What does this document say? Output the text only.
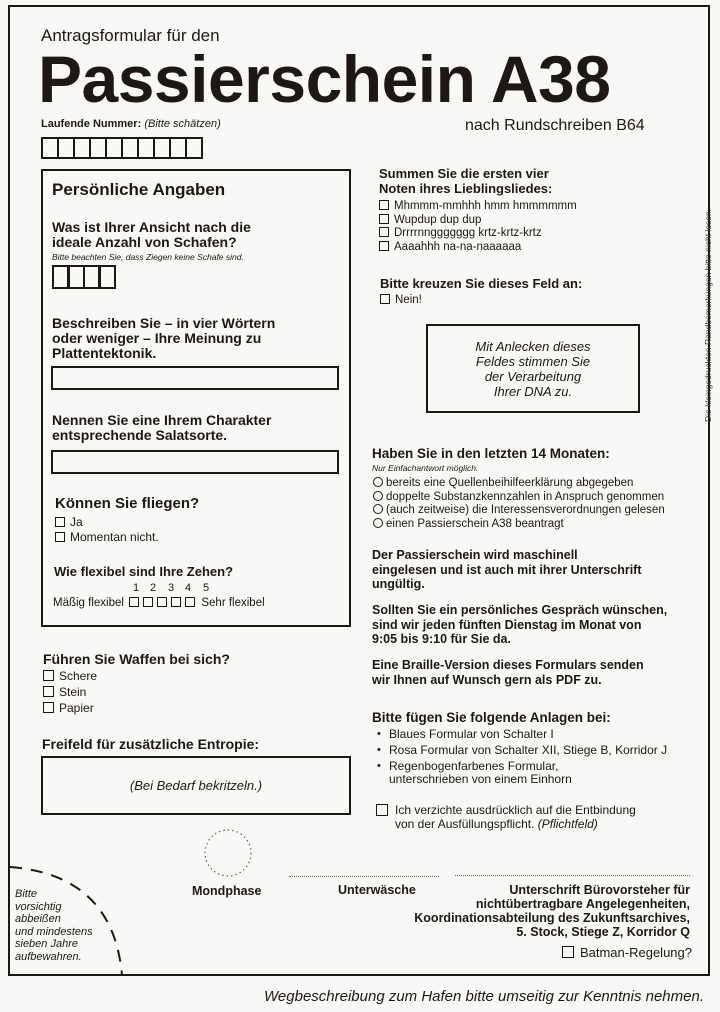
Antragsformular für den
Passierschein A38
nach Rundschreiben B64
Laufende Nummer: (Bitte schätzen)
Persönliche Angaben
Was ist Ihrer Ansicht nach die
ideale Anzahl von Schafen?
Bitte beachten Sie, dass Ziegen keine Schafe sind.
Beschreiben Sie – in vier Wörtern
oder weniger – Ihre Meinung zu
Plattentektonik.
Nennen Sie eine Ihrem Charakter
entsprechende Salatsorte.
Können Sie fliegen?
Ja
Momentan nicht.
Wie flexibel sind Ihre Zehen?
1 2 3 4 5
Mäßig flexibel	Sehr flexibel
Führen Sie Waffen bei sich?
Schere
Stein
Papier
Freifeld für zusätzliche Entropie:
(Bei Bedarf bekritzeln.)
Summen Sie die ersten vier
Noten ihres Lieblingsliedes:
Mhmmm-mmhhh hmm hmmmmmm
Wupdup dup dup
Drrrrnnggggggg krtz-krtz-krtz
Aaaahhh na-na-naaaaaa
Bitte kreuzen Sie dieses Feld an:
Nein!
Mit Anlecken dieses
Feldes stimmen Sie
der Verarbeitung
Ihrer DNA zu.
Haben Sie in den letzten 14 Monaten:
Nur Einfachantwort möglich.
bereits eine Quellenbeihilfeerklärung abgegeben
doppelte Substanzkennzahlen in Anspruch genommen
(auch zeitweise) die Interessensverordnungen gelesen
einen Passierschein A38 beantragt
Der Passierschein wird maschinell
eingelesen und ist auch mit ihrer Unterschrift
ungültig.
Sollten Sie ein persönliches Gespräch wünschen,
sind wir jeden fünften Dienstag im Monat von
9:05 bis 9:10 für Sie da.
Eine Braille-Version dieses Formulars senden
wir Ihnen auf Wunsch gern als PDF zu.
Bitte fügen Sie folgende Anlagen bei:
• Blaues Formular von Schalter I
• Rosa Formular von Schalter XII, Stiege B, Korridor J
• Regenbogenfarbenes Formular,
unterschrieben von einem Einhorn
Ich verzichte ausdrücklich auf die Entbindung
von der Ausfüllungspflicht. (Pflichtfeld)
Mondphase	Unterwäsche	Unterschrift Bürovorsteher für
nichtübertragbare Angelegenheiten,
Koordinationsabteilung des Zukunftsarchives,
5. Stock, Stiege Z, Korridor Q
Batman-Regelung?
Bitte
vorsichtig
abbeißen
und mindestens
sieben Jahre
aufbewahren.
Die kleingedruckten Randbemerkungen bitte nicht lesen.
Wegbeschreibung zum Hafen bitte umseitig zur Kenntnis nehmen.
